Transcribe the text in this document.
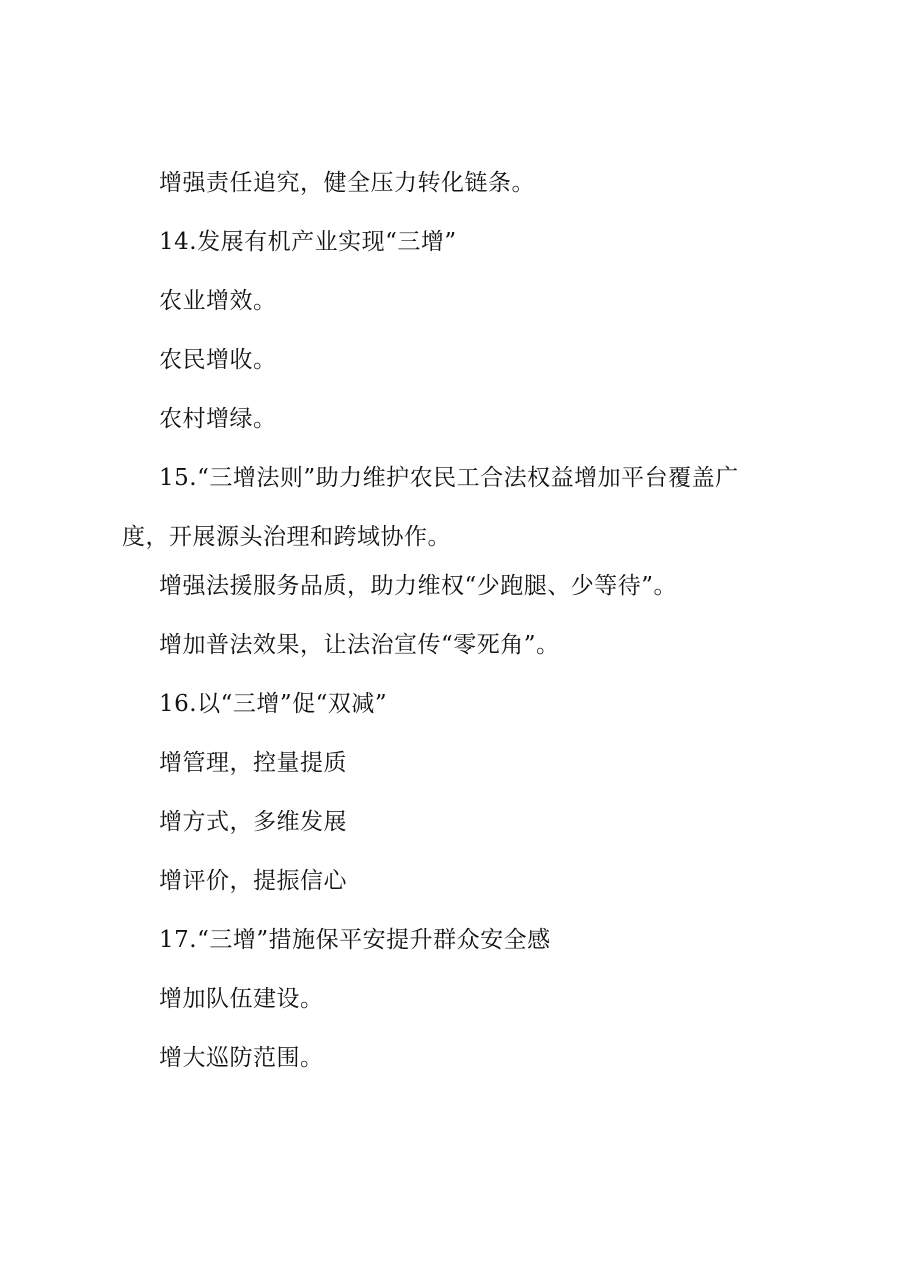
增强责任追究，健全压力转化链条。

14.发展有机产业实现“三增”

农业增效。

农民增收。

农村增绿。

15.“三增法则”助力维护农民工合法权益增加平台覆盖广度，开展源头治理和跨域协作。

增强法援服务品质，助力维权“少跑腿、少等待”。

增加普法效果，让法治宣传“零死角”。

16.以“三增”促“双减”

增管理，控量提质

增方式，多维发展

增评价，提振信心

17.“三增”措施保平安提升群众安全感

增加队伍建设。

增大巡防范围。
